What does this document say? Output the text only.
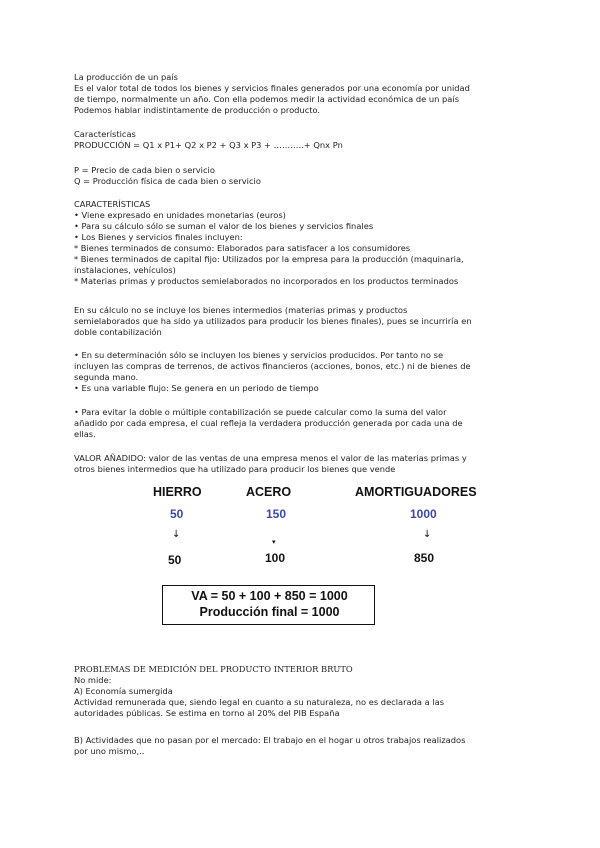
La producción de un país
Es el valor total de todos los bienes y servicios finales generados por una economía por unidad
de tiempo, normalmente un año. Con ella podemos medir la actividad económica de un país
Podemos hablar indistintamente de producción o producto.
Características
PRODUCCIÓN = Q1 x P1+ Q2 x P2 + Q3 x P3 + ………..+ Qnx Pn
P = Precio de cada bien o servicio
Q = Producción física de cada bien o servicio
CARACTERÍSTICAS
• Viene expresado en unidades monetarias (euros)
• Para su cálculo sólo se suman el valor de los bienes y servicios finales
• Los Bienes y servicios finales incluyen:
* Bienes terminados de consumo: Elaborados para satisfacer a los consumidores
* Bienes terminados de capital fijo: Utilizados por la empresa para la producción (maquinaria,
instalaciones, vehículos)
* Materias primas y productos semielaborados no incorporados en los productos terminados
En su cálculo no se incluye los bienes intermedios (materias primas y productos
semielaborados que ha sido ya utilizados para producir los bienes finales), pues se incurriría en
doble contabilización
• En su determinación sólo se incluyen los bienes y servicios producidos. Por tanto no se
incluyen las compras de terrenos, de activos financieros (acciones, bonos, etc.) ni de bienes de
segunda mano.
• Es una variable flujo: Se genera en un periodo de tiempo
• Para evitar la doble o múltiple contabilización se puede calcular como la suma del valor
añadido por cada empresa, el cual refleja la verdadera producción generada por cada una de
ellas.
VALOR AÑADIDO: valor de las ventas de una empresa menos el valor de las materias primas y
otros bienes intermedios que ha utilizado para producir los bienes que vende
HIERRO	ACERO	AMORTIGUADORES
50	150	1000
↓
▾
↓
50	100	850
VA = 50 + 100 + 850 = 1000
Producción final = 1000
PROBLEMAS DE MEDICIÓN DEL PRODUCTO INTERIOR BRUTO
No mide:
A) Economía sumergida
Actividad remunerada que, siendo legal en cuanto a su naturaleza, no es declarada a las
autoridades públicas. Se estima en torno al 20% del PIB España
B) Actividades que no pasan por el mercado: El trabajo en el hogar u otros trabajos realizados
por uno mismo,..
